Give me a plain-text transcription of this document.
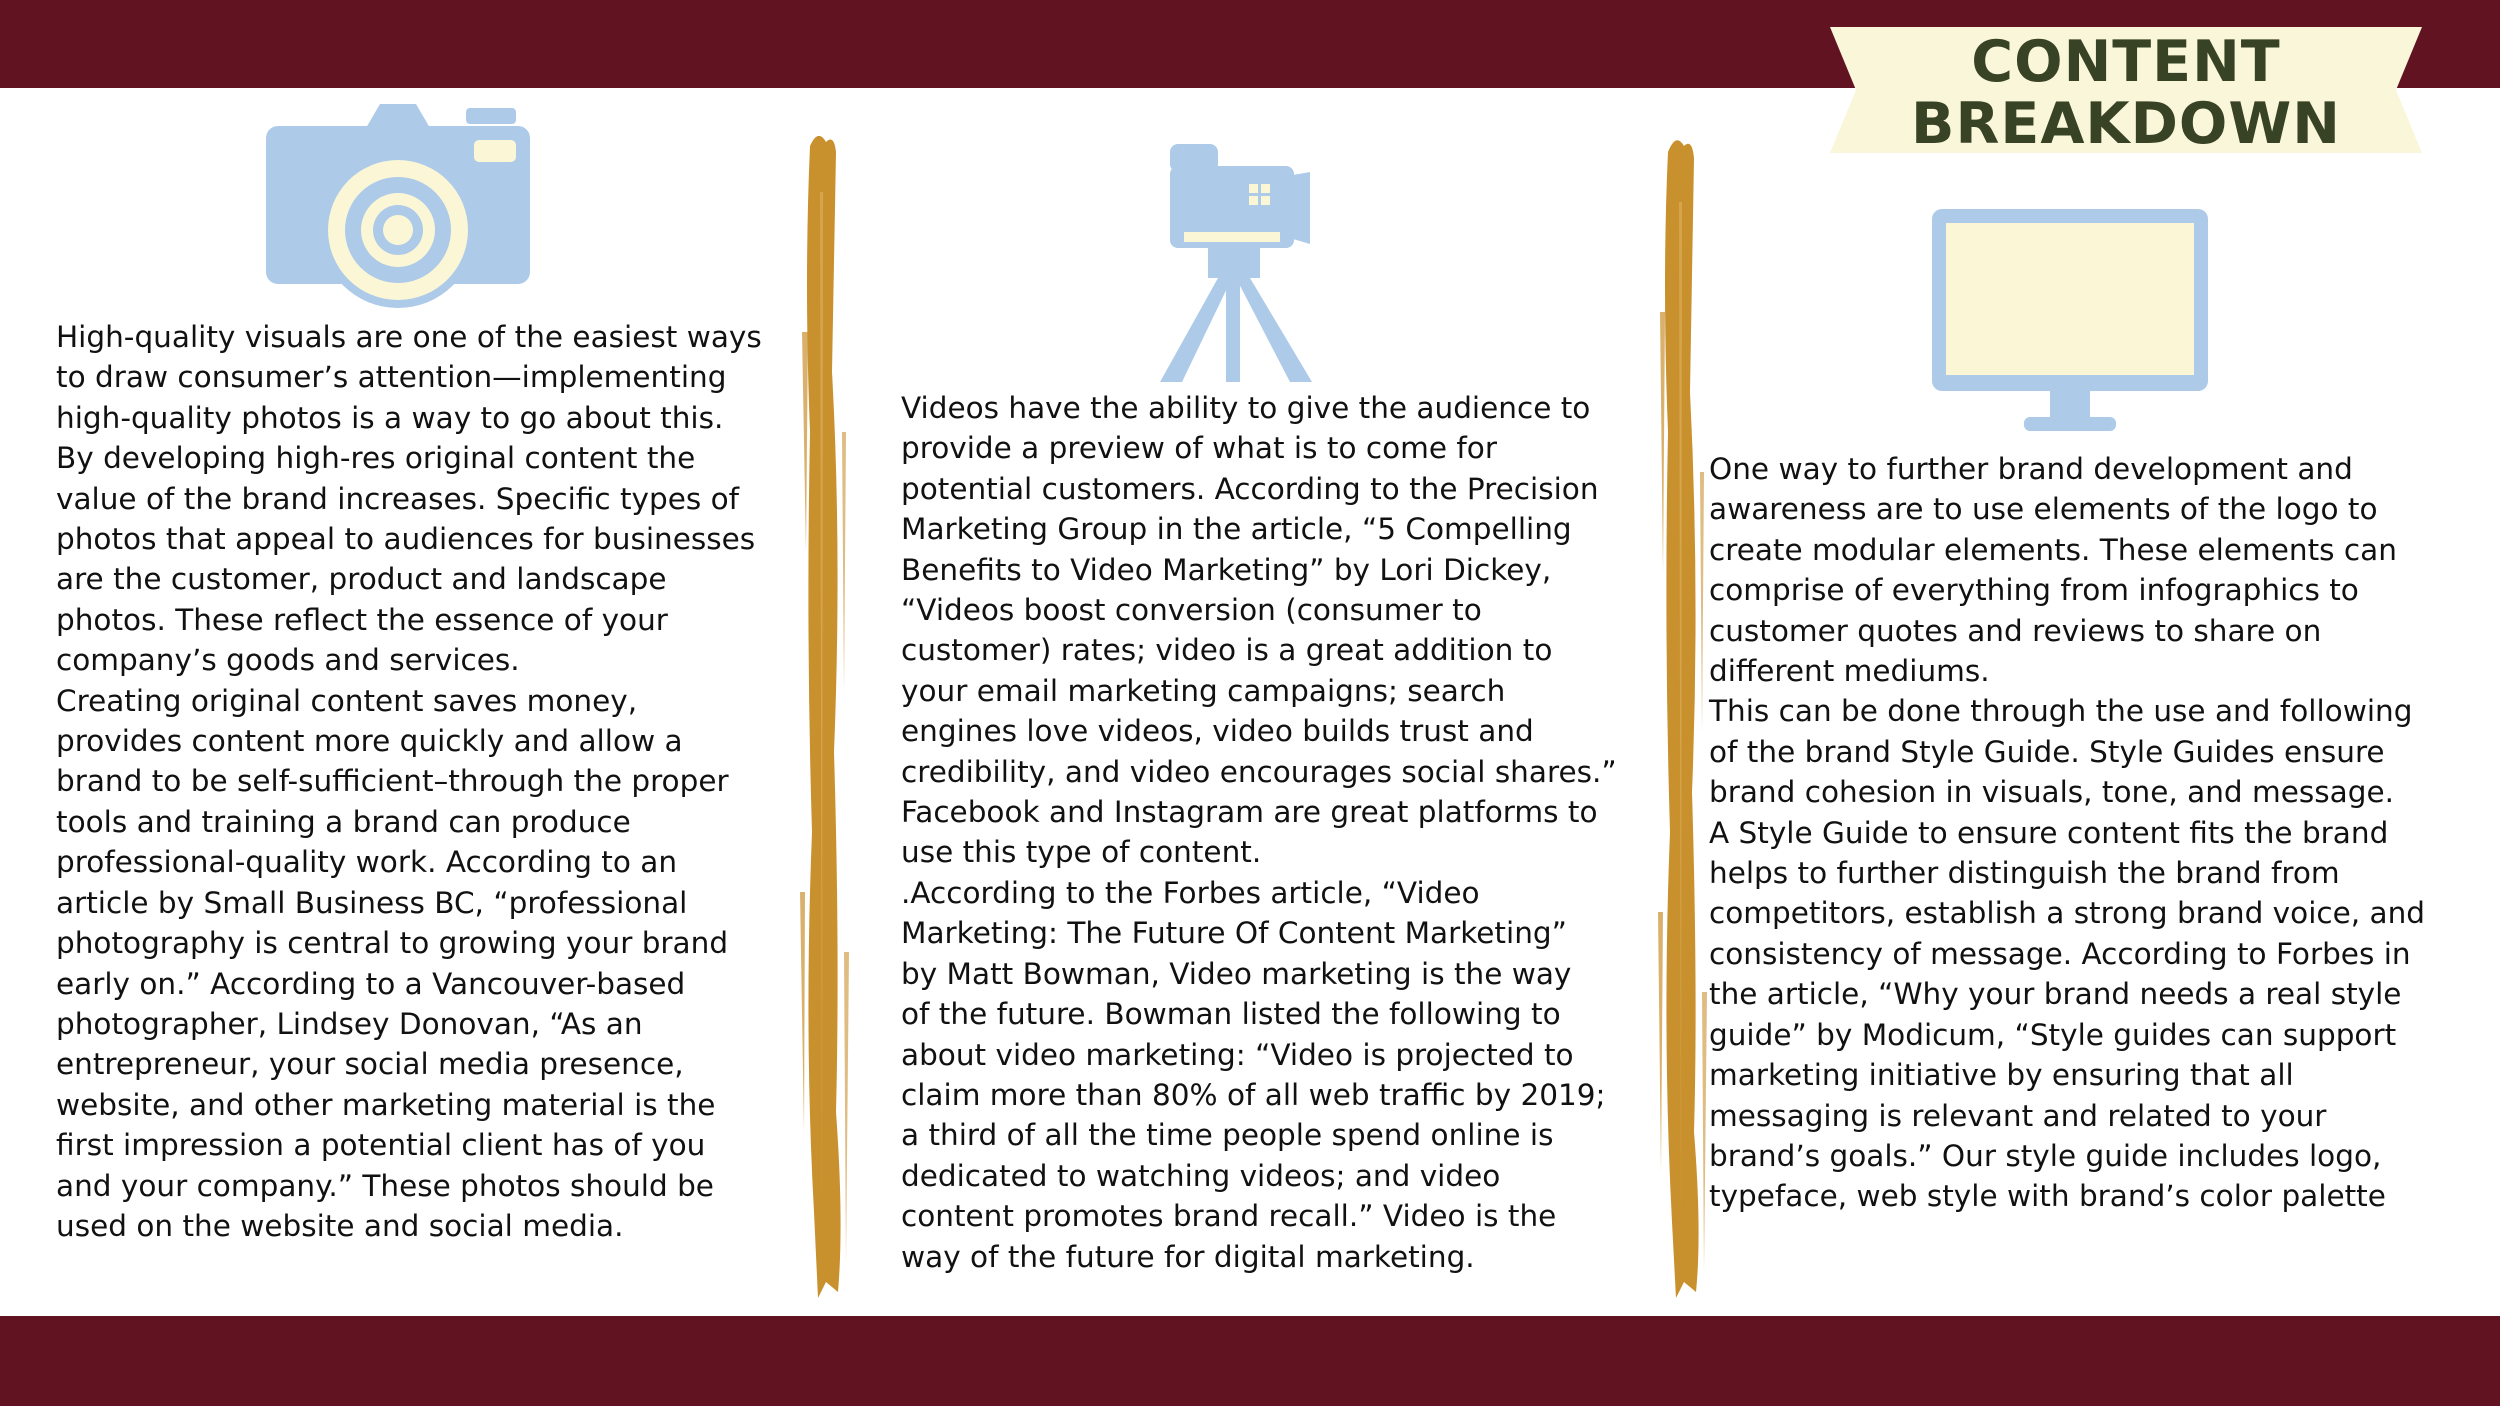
CONTENT
BREAKDOWN
High-quality visuals are one of the easiest ways
to draw consumer’s attention—implementing
high-quality photos is a way to go about this.
By developing high-res original content the
value of the brand increases. Specific types of
photos that appeal to audiences for businesses
are the customer, product and landscape
photos. These reflect the essence of your
company’s goods and services.
Creating original content saves money,
provides content more quickly and allow a
brand to be self-sufficient–through the proper
tools and training a brand can produce
professional-quality work. According to an
article by Small Business BC, “professional
photography is central to growing your brand
early on.” According to a Vancouver-based
photographer, Lindsey Donovan, “As an
entrepreneur, your social media presence,
website, and other marketing material is the
first impression a potential client has of you
and your company.” These photos should be
used on the website and social media.
Videos have the ability to give the audience to
provide a preview of what is to come for
potential customers. According to the Precision
Marketing Group in the article, “5 Compelling
Benefits to Video Marketing” by Lori Dickey,
“Videos boost conversion (consumer to
customer) rates; video is a great addition to
your email marketing campaigns; search
engines love videos, video builds trust and
credibility, and video encourages social shares.”
Facebook and Instagram are great platforms to
use this type of content.
.According to the Forbes article, “Video
Marketing: The Future Of Content Marketing”
by Matt Bowman, Video marketing is the way
of the future. Bowman listed the following to
about video marketing: “Video is projected to
claim more than 80% of all web traffic by 2019;
a third of all the time people spend online is
dedicated to watching videos; and video
content promotes brand recall.” Video is the
way of the future for digital marketing.
One way to further brand development and
awareness are to use elements of the logo to
create modular elements. These elements can
comprise of everything from infographics to
customer quotes and reviews to share on
different mediums.
This can be done through the use and following
of the brand Style Guide. Style Guides ensure
brand cohesion in visuals, tone, and message.
A Style Guide to ensure content fits the brand
helps to further distinguish the brand from
competitors, establish a strong brand voice, and
consistency of message. According to Forbes in
the article, “Why your brand needs a real style
guide” by Modicum, “Style guides can support
marketing initiative by ensuring that all
messaging is relevant and related to your
brand’s goals.” Our style guide includes logo,
typeface, web style with brand’s color palette
